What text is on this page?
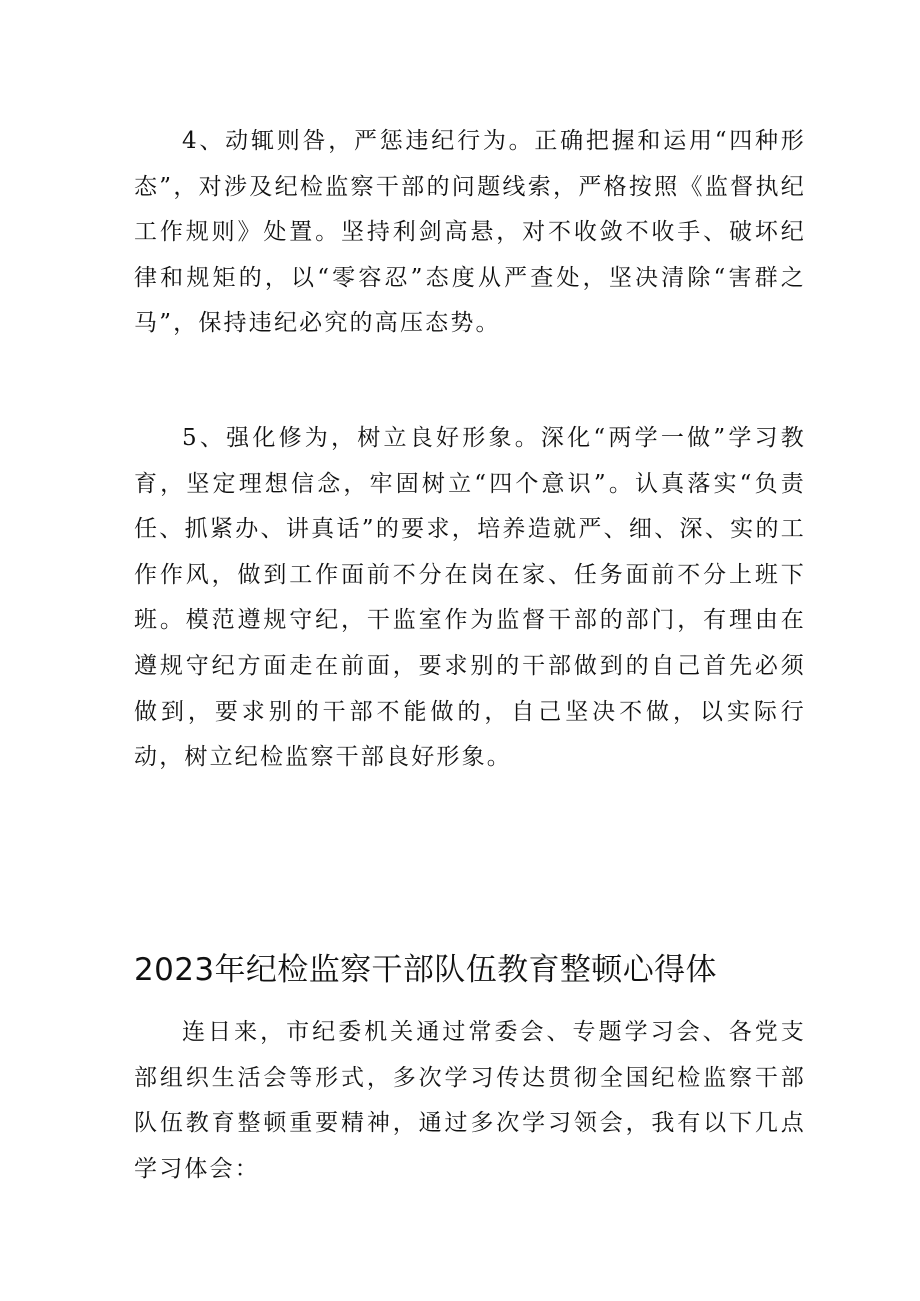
4、动辄则咎，严惩违纪行为。正确把握和运用“四种形态”，对涉及纪检监察干部的问题线索，严格按照《监督执纪工作规则》处置。坚持利剑高悬，对不收敛不收手、破坏纪律和规矩的，以“零容忍”态度从严查处，坚决清除“害群之马”，保持违纪必究的高压态势。

5、强化修为，树立良好形象。深化“两学一做”学习教育，坚定理想信念，牢固树立“四个意识”。认真落实“负责任、抓紧办、讲真话”的要求，培养造就严、细、深、实的工作作风，做到工作面前不分在岗在家、任务面前不分上班下班。模范遵规守纪，干监室作为监督干部的部门，有理由在遵规守纪方面走在前面，要求别的干部做到的自己首先必须做到，要求别的干部不能做的，自己坚决不做，以实际行动，树立纪检监察干部良好形象。

2023年纪检监察干部队伍教育整顿心得体

连日来，市纪委机关通过常委会、专题学习会、各党支部组织生活会等形式，多次学习传达贯彻全国纪检监察干部队伍教育整顿重要精神，通过多次学习领会，我有以下几点学习体会：
